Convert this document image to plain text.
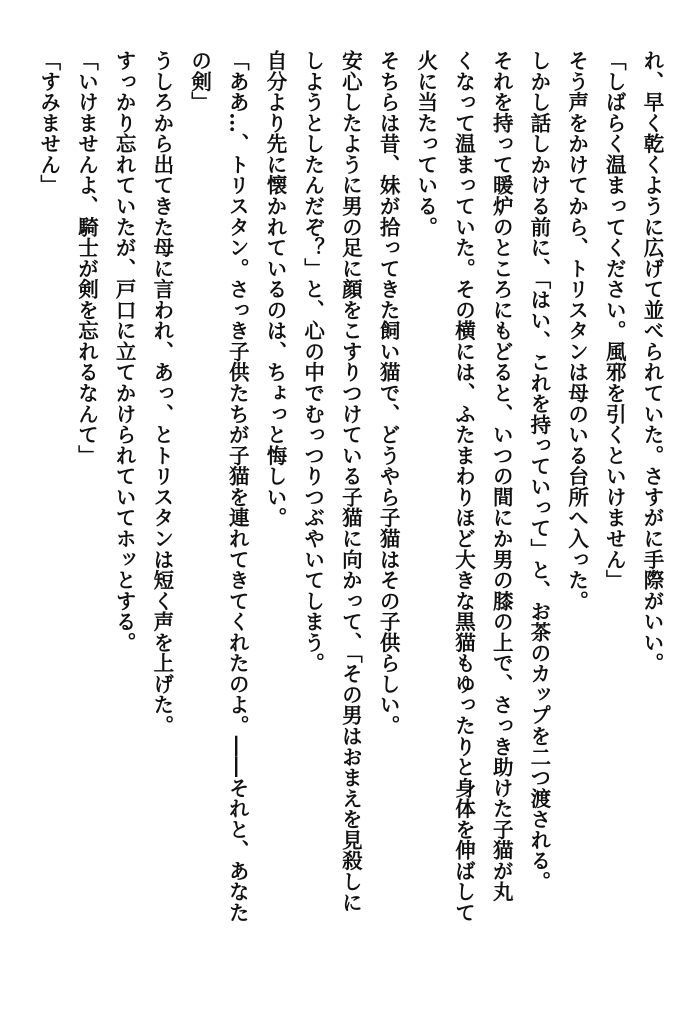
れ、早く乾くように広げて並べられていた。さすがに手際がいい。

「しばらく温まってください。風邪を引くといけません」

そう声をかけてから、トリスタンは母のいる台所へ入った。

しかし話しかける前に、「はい、これを持っていって」と、お茶のカップを二つ渡される。

それを持って暖炉のところにもどると、いつの間にか男の膝の上で、さっき助けた子猫が丸

くなって温まっていた。その横には、ふたまわりほど大きな黒猫もゆったりと身体を伸ばして

火に当たっている。

そちらは昔、妹が拾ってきた飼い猫で、どうやら子猫はその子供らしい。

安心したように男の足に顔をこすりつけている子猫に向かって、「その男はおまえを見殺しに

しようとしたんだぞ？」と、心の中でむっつりつぶやいてしまう。

自分より先に懐かれているのは、ちょっと悔しい。

「ああ…、トリスタン。さっき子供たちが子猫を連れてきてくれたのよ。――それと、あなた

の剣」

うしろから出てきた母に言われ、あっ、とトリスタンは短く声を上げた。

すっかり忘れていたが、戸口に立てかけられていてホッとする。

「いけませんよ、騎士が剣を忘れるなんて」

「すみません」
